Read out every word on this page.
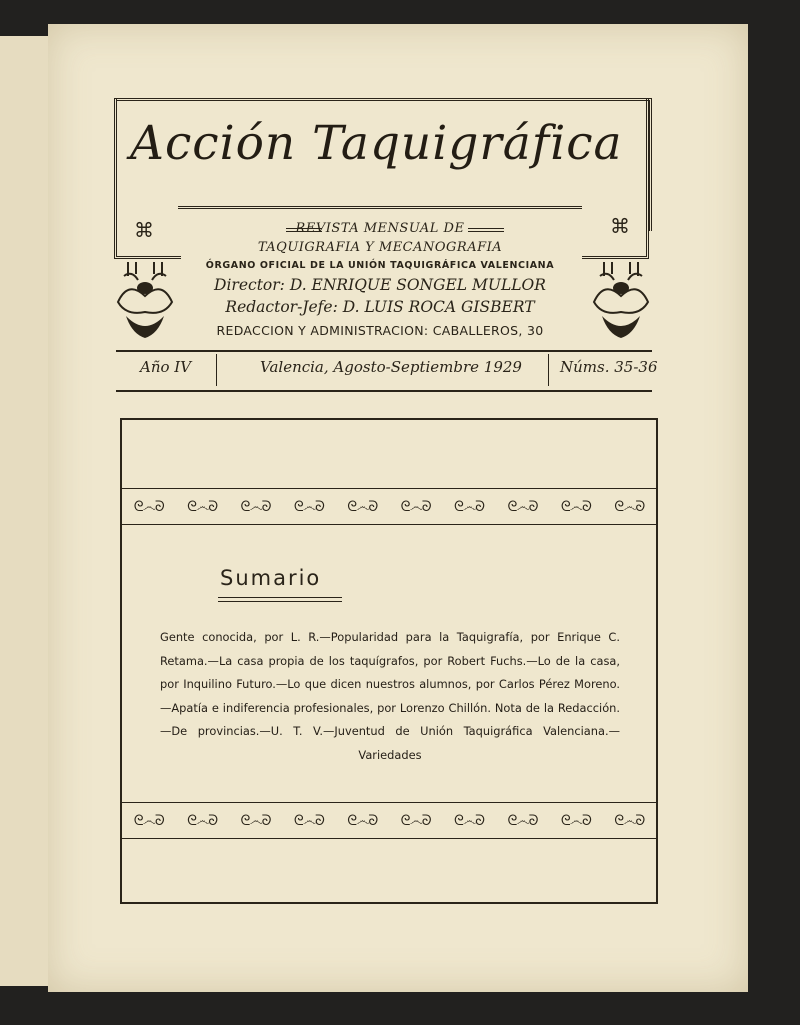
Acción Taquigráfica
⌘	⌘
REVISTA MENSUAL DE
TAQUIGRAFIA Y MECANOGRAFIA
ÓRGANO OFICIAL DE LA UNIÓN TAQUIGRÁFICA VALENCIANA
Director: D. ENRIQUE SONGEL MULLOR
Redactor-Jefe: D. LUIS ROCA GISBERT
REDACCION Y ADMINISTRACION: CABALLEROS, 30
Año IV	Valencia, Agosto-Septiembre 1929	Núms. 35-36
ᘓ෴ᘐ ᘓ෴ᘐ ᘓ෴ᘐ ᘓ෴ᘐ ᘓ෴ᘐ ᘓ෴ᘐ ᘓ෴ᘐ ᘓ෴ᘐ ᘓ෴ᘐ ᘓ෴ᘐ
Sumario
Gente conocida, por L. R.—Popularidad para la Taquigrafía, por Enrique C. Retama.—La casa propia de los taquígrafos, por Robert Fuchs.—Lo de la casa, por Inquilino Futuro.—Lo que dicen nuestros alumnos, por Carlos Pérez Moreno.—Apatía e indiferencia profesionales, por Lorenzo Chillón. Nota de la Redacción.—De provincias.—U. T. V.—Juventud de Unión Taquigráfica Valenciana.—Variedades
ᘓ෴ᘐ ᘓ෴ᘐ ᘓ෴ᘐ ᘓ෴ᘐ ᘓ෴ᘐ ᘓ෴ᘐ ᘓ෴ᘐ ᘓ෴ᘐ ᘓ෴ᘐ ᘓ෴ᘐ
